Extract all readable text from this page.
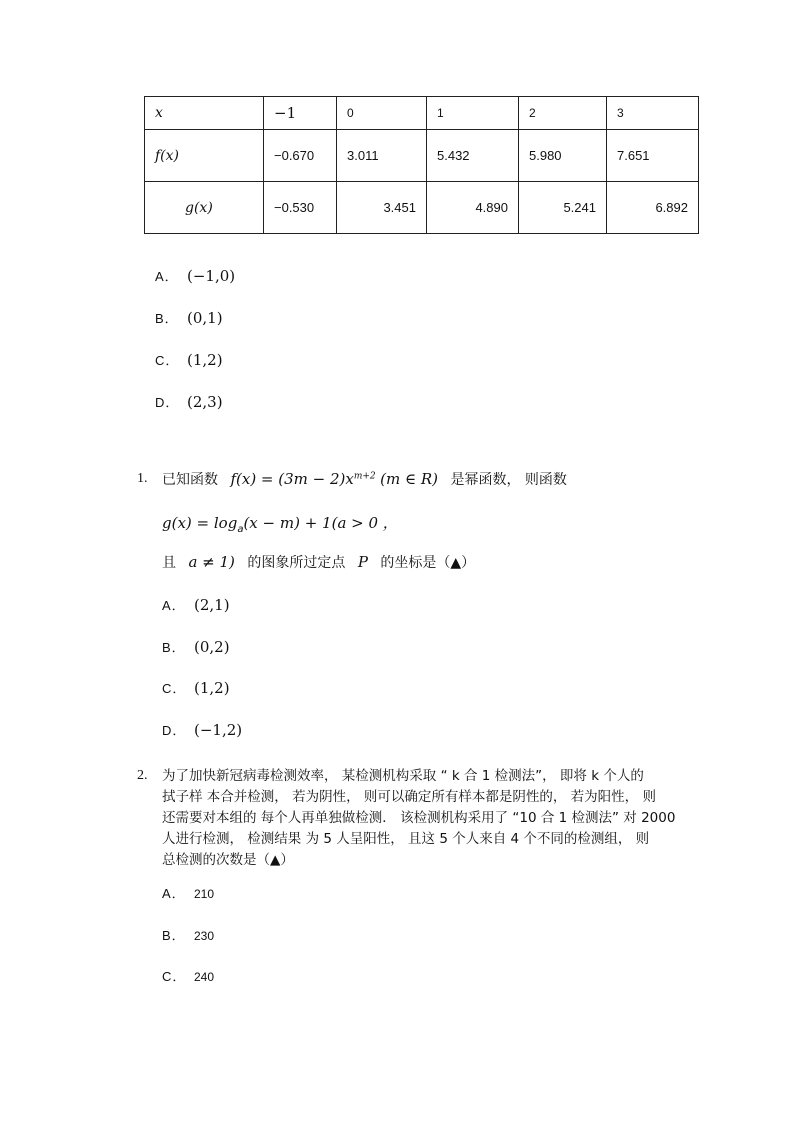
x	−1	0	1	2	3
f(x)	−0.670	3.011	5.432	5.980	7.651
g(x)	−0.530	3.451	4.890	5.241	6.892
A． (−1,0)
B． (0,1)
C． (1,2)
D． (2,3)
1. 已知函数 $f(x) = (3m - 2)x^{m+2}$ (m ∈ R) 是幂函数， 则函数
$g(x) = \log_a(x - m) + 1(a > 0$ ，
且 a ≠ 1) 的图象所过定点 P 的坐标是（▲）
A． (2,1)
B． (0,2)
C． (1,2)
D． (−1,2)
2. 为了加快新冠病毒检测效率， 某检测机构采取 “ k 合 1 检测法”， 即将 k 个人的
拭子样 本合并检测， 若为阴性， 则可以确定所有样本都是阴性的， 若为阳性， 则
还需要对本组的 每个人再单独做检测． 该检测机构采用了 “10 合 1 检测法” 对 2000
人进行检测， 检测结果 为 5 人呈阳性， 且这 5 个人来自 4 个不同的检测组， 则
总检测的次数是（▲）
A． 210
B． 230
C． 240
